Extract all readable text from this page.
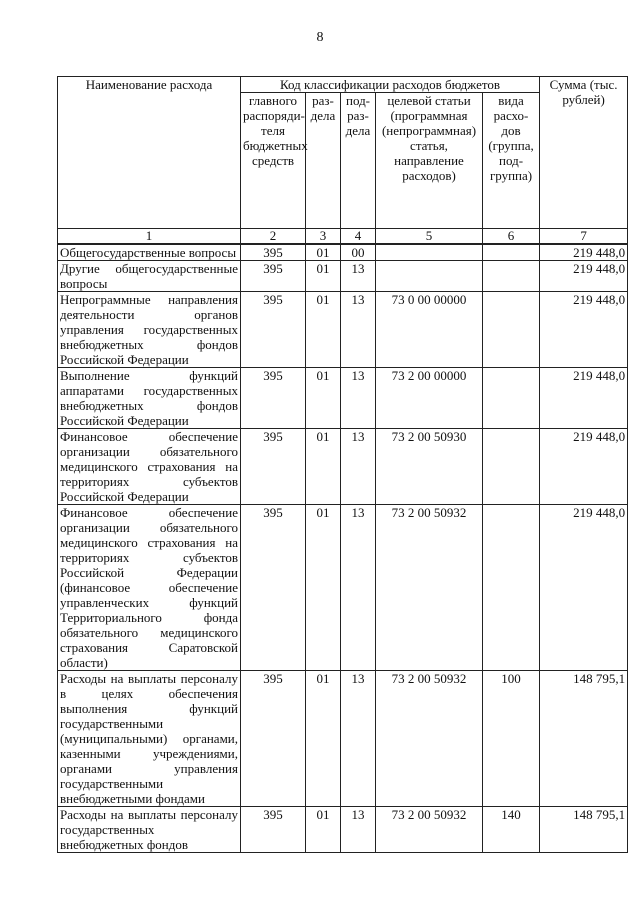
8
Наименование расхода	Код классификации расходов бюджетов					Сумма (тыс. рублей)
	главного распоряди-теля бюджетных средств	раз-дела	под-раз-дела	целевой статьи (программная (непрограммная) статья, направление расходов)	вида расхо-дов (группа, под-группа)	
1	2	3	4	5	6	7
Общегосударственные вопросы	395	01	00			219 448,0
Другие общегосударственные вопросы	395	01	13			219 448,0
Непрограммные направления деятельности органов управления государственных внебюджетных фондов Российской Федерации	395	01	13	73 0 00 00000		219 448,0
Выполнение функций аппаратами государственных внебюджетных фондов Российской Федерации	395	01	13	73 2 00 00000		219 448,0
Финансовое обеспечение организации обязательного медицинского страхования на территориях субъектов Российской Федерации	395	01	13	73 2 00 50930		219 448,0
Финансовое обеспечение организации обязательного медицинского страхования на территориях субъектов Российской Федерации (финансовое обеспечение управленческих функций Территориального фонда обязательного медицинского страхования Саратовской области)	395	01	13	73 2 00 50932		219 448,0
Расходы на выплаты персоналу в целях обеспечения выполнения функций государственными (муниципальными) органами, казенными учреждениями, органами управления государственными внебюджетными фондами	395	01	13	73 2 00 50932	100	148 795,1
Расходы на выплаты персоналу государственных внебюджетных фондов	395	01	13	73 2 00 50932	140	148 795,1
